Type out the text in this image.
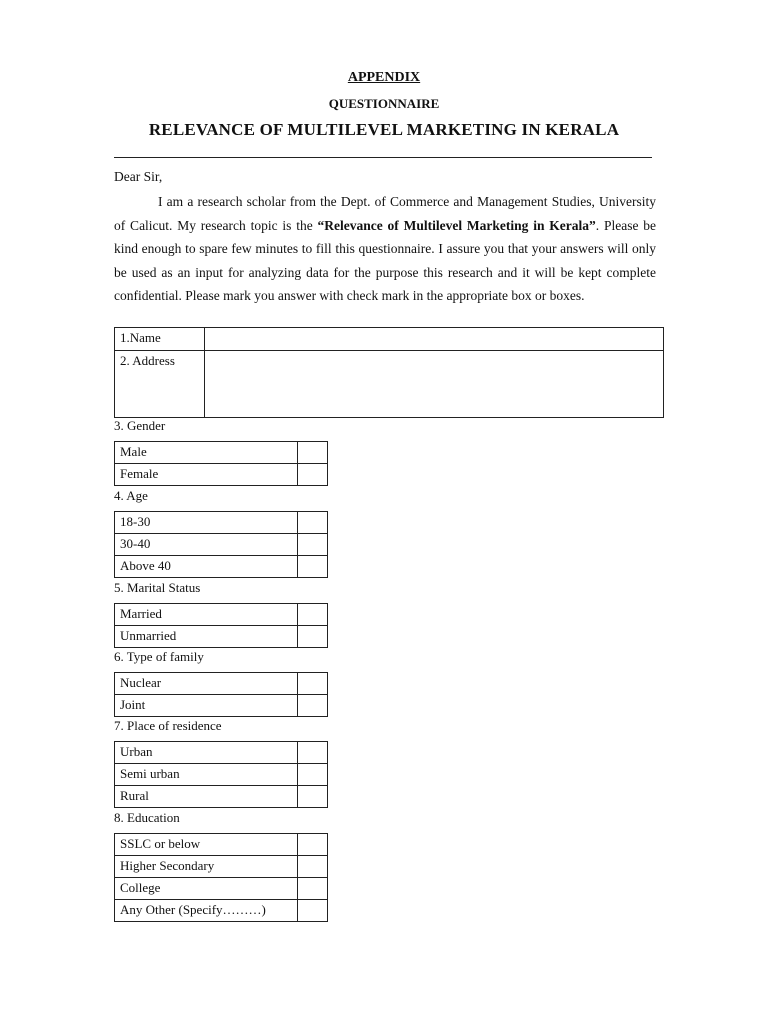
APPENDIX
QUESTIONNAIRE
RELEVANCE OF MULTILEVEL MARKETING IN KERALA
Dear Sir,

I am a research scholar from the Dept. of Commerce and Management Studies, University of Calicut. My research topic is the “Relevance of Multilevel Marketing in Kerala”. Please be kind enough to spare few minutes to fill this questionnaire. I assure you that your answers will only be used as an input for analyzing data for the purpose this research and it will be kept complete confidential. Please mark you answer with check mark in the appropriate box or boxes.

1.Name	
2. Address	
3. Gender
Male	
Female	
4. Age
18-30	
30-40	
Above 40	
5. Marital Status
Married	
Unmarried	
6. Type of family
Nuclear	
Joint	
7. Place of residence
Urban	
Semi urban	
Rural	
8. Education
SSLC or below	
Higher Secondary	
College	
Any Other (Specify………)	
